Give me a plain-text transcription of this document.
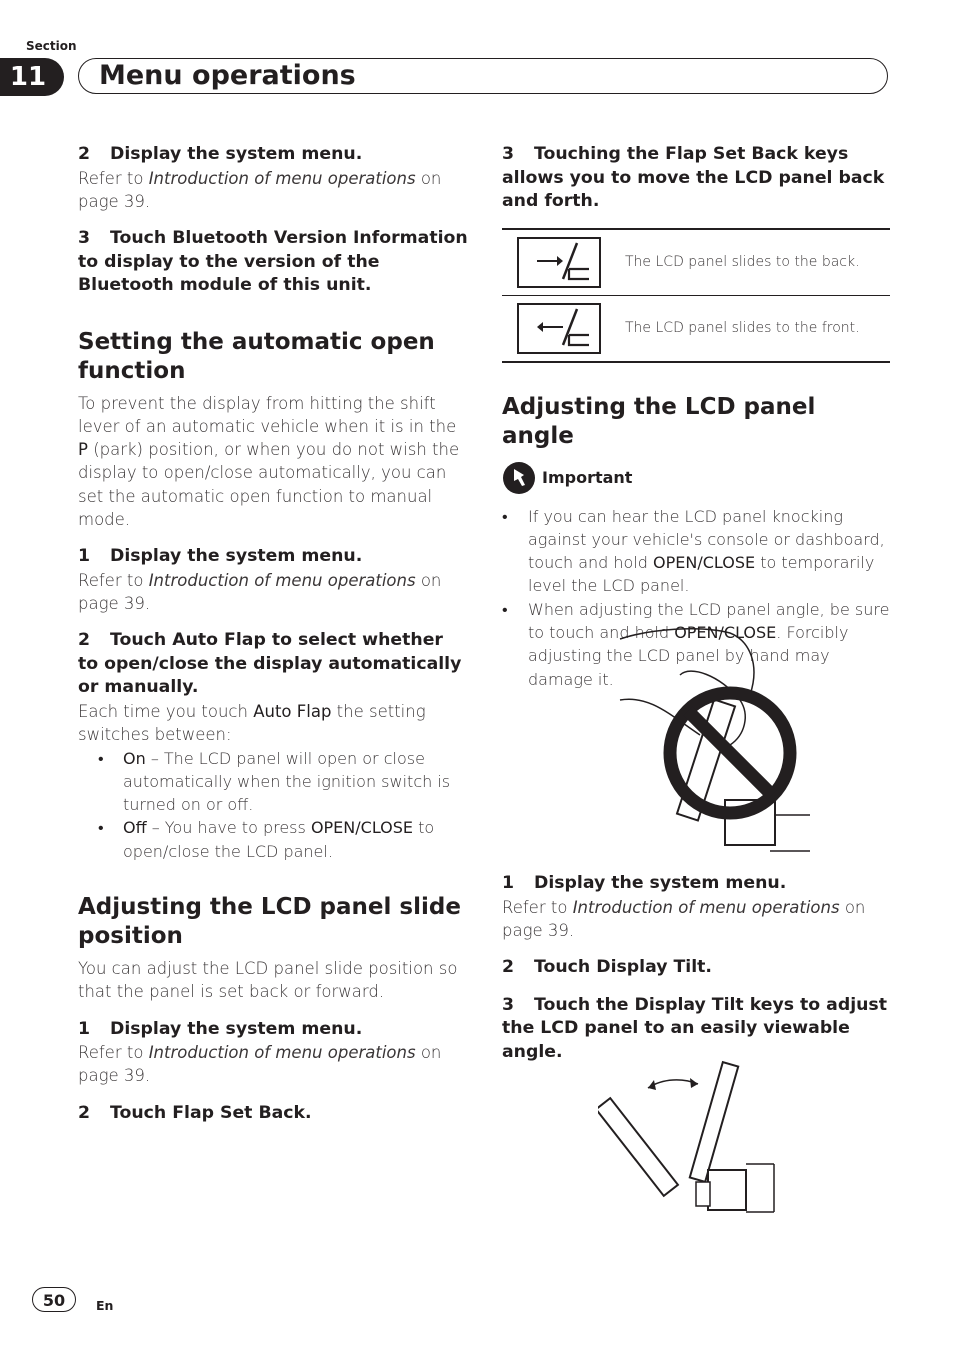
Section
11	Menu operations

2 Display the system menu.

Refer to Introduction of menu operations on page 39.

3 Touch Bluetooth Version Information to display to the version of the Bluetooth module of this unit.

Setting the automatic open function

To prevent the display from hitting the shift lever of an automatic vehicle when it is in the P (park) position, or when you do not wish the display to open/close automatically, you can set the automatic open function to manual mode.

1 Display the system menu.

Refer to Introduction of menu operations on page 39.

2 Touch Auto Flap to select whether to open/close the display automatically or manually.

Each time you touch Auto Flap the setting switches between:

• On – The LCD panel will open or close automatically when the ignition switch is turned on or off.
• Off – You have to press OPEN/CLOSE to open/close the LCD panel.

Adjusting the LCD panel slide position

You can adjust the LCD panel slide position so that the panel is set back or forward.

1 Display the system menu.

Refer to Introduction of menu operations on page 39.

2 Touch Flap Set Back.

3 Touching the Flap Set Back keys allows you to move the LCD panel back and forth.

The LCD panel slides to the back.
The LCD panel slides to the front.

Adjusting the LCD panel angle

Important
• If you can hear the LCD panel knocking against your vehicle's console or dashboard, touch and hold OPEN/CLOSE to temporarily level the LCD panel.
• When adjusting the LCD panel angle, be sure to touch and hold OPEN/CLOSE. Forcibly adjusting the LCD panel by hand may damage it.

1 Display the system menu.

Refer to Introduction of menu operations on page 39.

2 Touch Display Tilt.

3 Touch the Display Tilt keys to adjust the LCD panel to an easily viewable angle.

50	En
